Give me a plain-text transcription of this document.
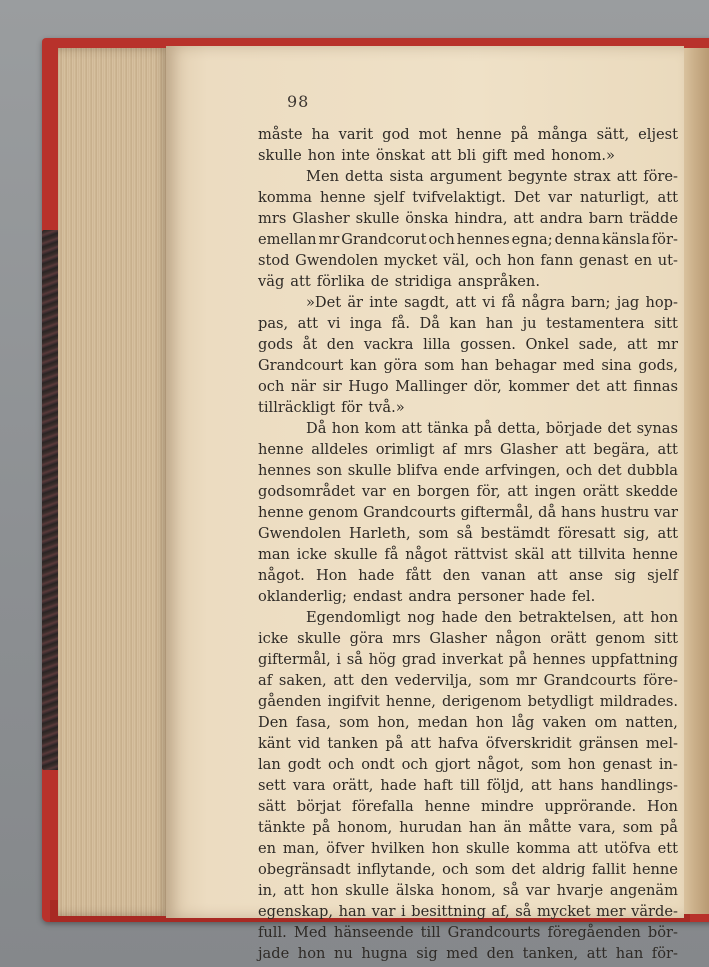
98
måste ha varit god mot henne på många sätt, eljest
skulle hon inte önskat att bli gift med honom.»
Men detta sista argument begynte strax att före-
komma henne sjelf tvifvelaktigt. Det var naturligt, att
mrs Glasher skulle önska hindra, att andra barn trädde
emellan mr Grandcorut och hennes egna; denna känsla för-
stod Gwendolen mycket väl, och hon fann genast en ut-
väg att förlika de stridiga anspråken.
»Det är inte sagdt, att vi få några barn; jag hop-
pas, att vi inga få. Då kan han ju testamentera sitt
gods åt den vackra lilla gossen. Onkel sade, att mr
Grandcourt kan göra som han behagar med sina gods,
och när sir Hugo Mallinger dör, kommer det att finnas
tillräckligt för två.»
Då hon kom att tänka på detta, började det synas
henne alldeles orimligt af mrs Glasher att begära, att
hennes son skulle blifva ende arfvingen, och det dubbla
godsområdet var en borgen för, att ingen orätt skedde
henne genom Grandcourts giftermål, då hans hustru var
Gwendolen Harleth, som så bestämdt föresatt sig, att
man icke skulle få något rättvist skäl att tillvita henne
något. Hon hade fått den vanan att anse sig sjelf
oklanderlig; endast andra personer hade fel.
Egendomligt nog hade den betraktelsen, att hon
icke skulle göra mrs Glasher någon orätt genom sitt
giftermål, i så hög grad inverkat på hennes uppfattning
af saken, att den vedervilja, som mr Grandcourts före-
gåenden ingifvit henne, derigenom betydligt mildrades.
Den fasa, som hon, medan hon låg vaken om natten,
känt vid tanken på att hafva öfverskridit gränsen mel-
lan godt och ondt och gjort något, som hon genast in-
sett vara orätt, hade haft till följd, att hans handlings-
sätt börjat förefalla henne mindre upprörande. Hon
tänkte på honom, hurudan han än måtte vara, som på
en man, öfver hvilken hon skulle komma att utöfva ett
obegränsadt inflytande, och som det aldrig fallit henne
in, att hon skulle älska honom, så var hvarje angenäm
egenskap, han var i besittning af, så mycket mer värde-
full. Med hänseende till Grandcourts föregåenden bör-
jade hon nu hugna sig med den tanken, att han för-
